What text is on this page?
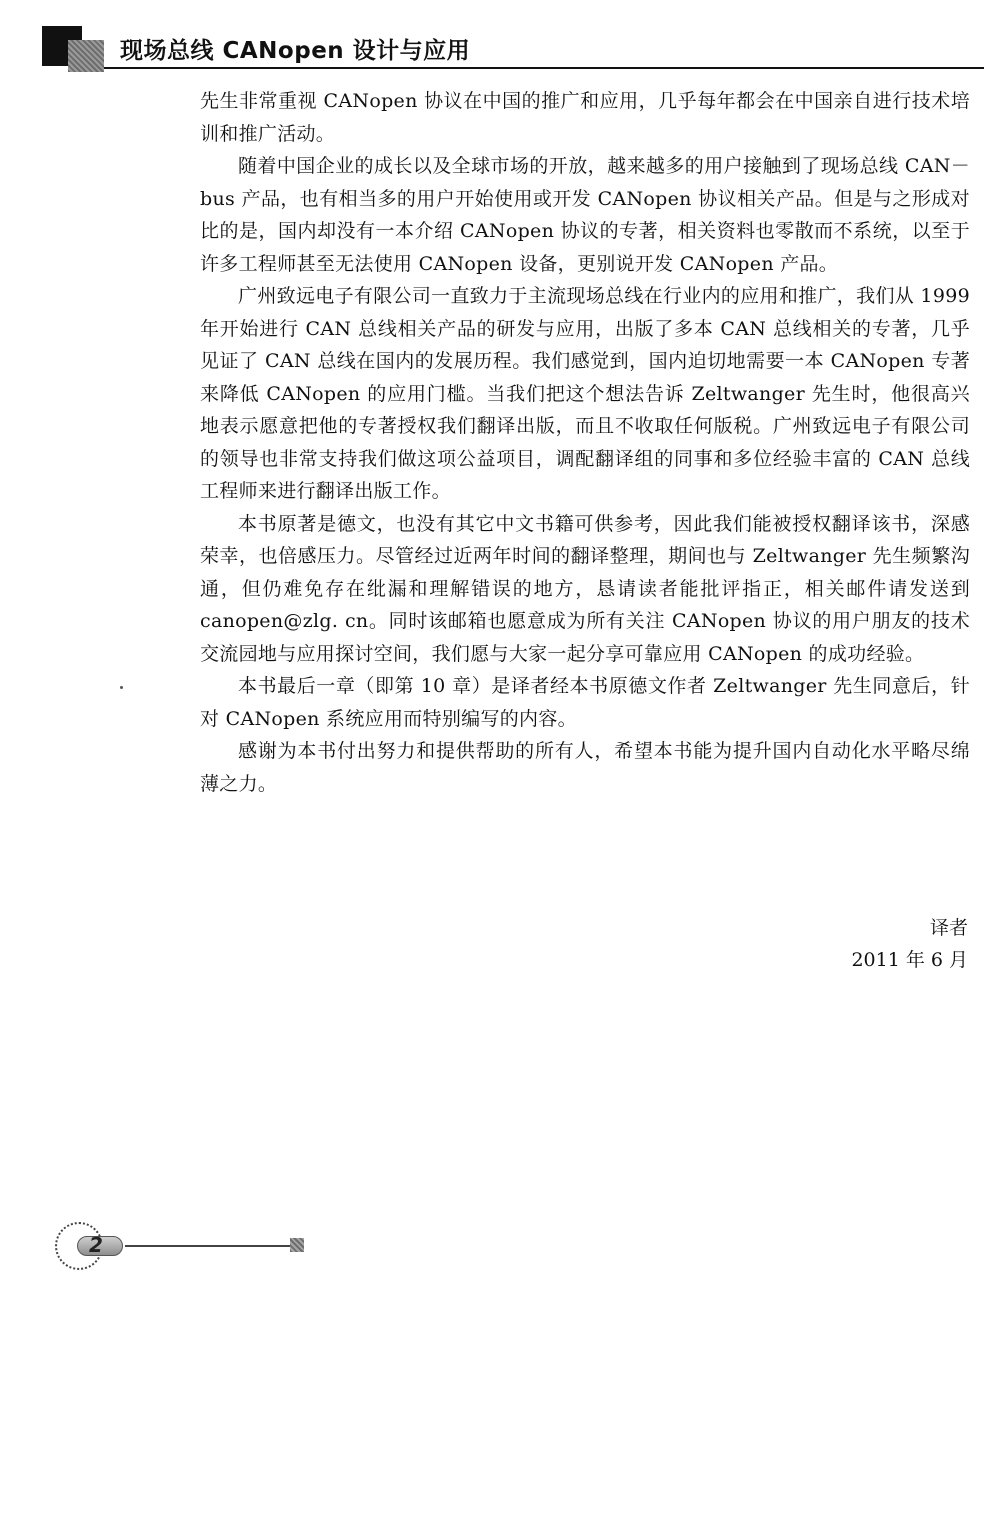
现场总线 CANopen 设计与应用

先生非常重视 CANopen 协议在中国的推广和应用，几乎每年都会在中国亲自进行技术培训和推广活动。

随着中国企业的成长以及全球市场的开放，越来越多的用户接触到了现场总线 CAN－bus 产品，也有相当多的用户开始使用或开发 CANopen 协议相关产品。但是与之形成对比的是，国内却没有一本介绍 CANopen 协议的专著，相关资料也零散而不系统，以至于许多工程师甚至无法使用 CANopen 设备，更别说开发 CANopen 产品。

广州致远电子有限公司一直致力于主流现场总线在行业内的应用和推广，我们从 1999 年开始进行 CAN 总线相关产品的研发与应用，出版了多本 CAN 总线相关的专著，几乎见证了 CAN 总线在国内的发展历程。我们感觉到，国内迫切地需要一本 CANopen 专著来降低 CANopen 的应用门槛。当我们把这个想法告诉 Zeltwanger 先生时，他很高兴地表示愿意把他的专著授权我们翻译出版，而且不收取任何版税。广州致远电子有限公司的领导也非常支持我们做这项公益项目，调配翻译组的同事和多位经验丰富的 CAN 总线工程师来进行翻译出版工作。

本书原著是德文，也没有其它中文书籍可供参考，因此我们能被授权翻译该书，深感荣幸，也倍感压力。尽管经过近两年时间的翻译整理，期间也与 Zeltwanger 先生频繁沟通，但仍难免存在纰漏和理解错误的地方，恳请读者能批评指正，相关邮件请发送到 canopen@zlg. cn。同时该邮箱也愿意成为所有关注 CANopen 协议的用户朋友的技术交流园地与应用探讨空间，我们愿与大家一起分享可靠应用 CANopen 的成功经验。

本书最后一章（即第 10 章）是译者经本书原德文作者 Zeltwanger 先生同意后，针对 CANopen 系统应用而特别编写的内容。

感谢为本书付出努力和提供帮助的所有人，希望本书能为提升国内自动化水平略尽绵薄之力。

译者
2011 年 6 月
2
